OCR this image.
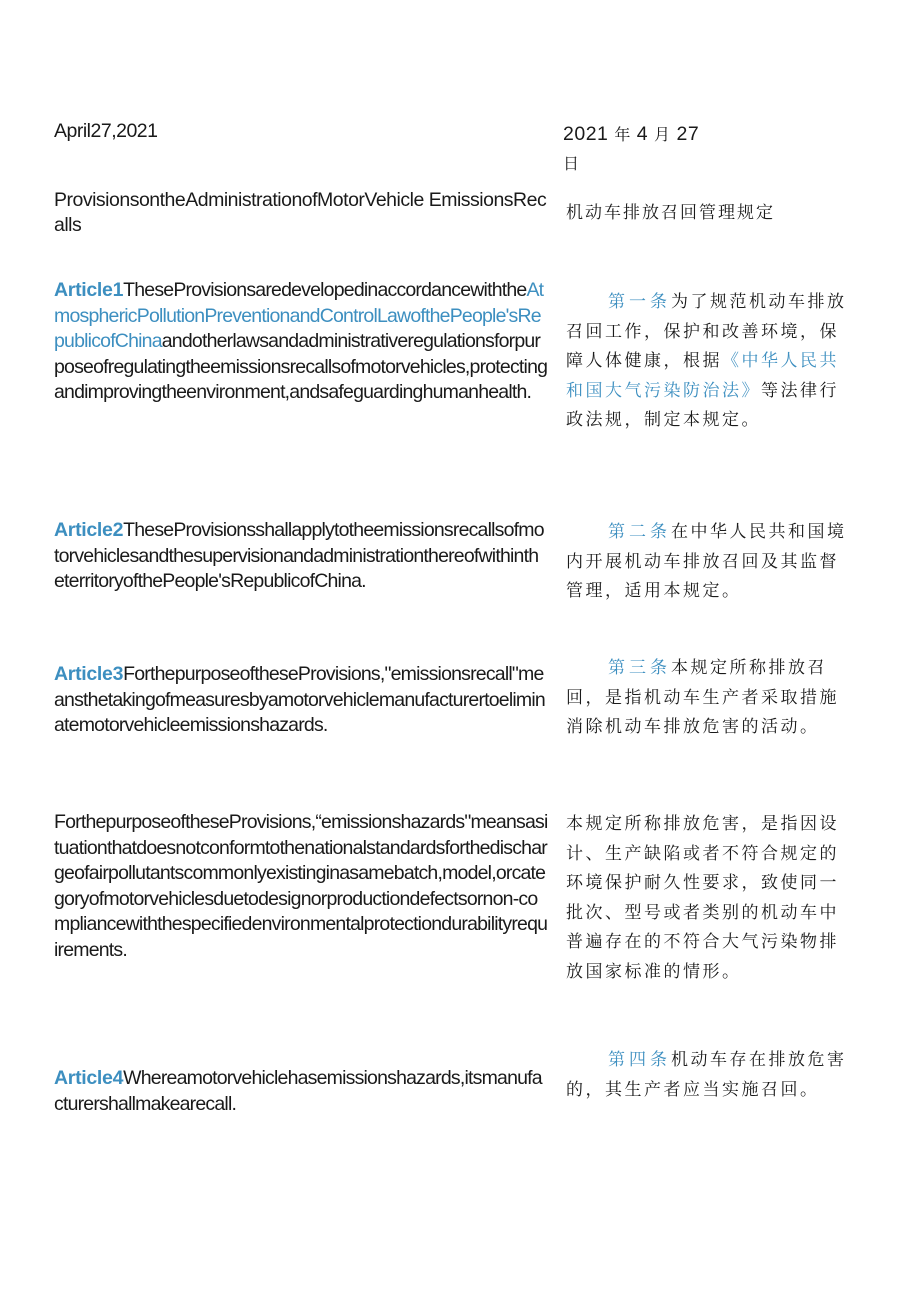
April27,2021	2021 年 4 月 27
日
ProvisionsontheAdministrationofMotorVehicle EmissionsRecalls
机动车排放召回管理规定
Article1TheseProvisionsaredevelopedinaccordancewiththeAtmosphericPollutionPreventionandControlLawofthePeople'sRepublicofChinaandotherlawsandadministrativeregulationsforpurposeofregulatingtheemissionsrecallsofmotorvehicles,protectingandimprovingtheenvironment,andsafeguardinghumanhealth.
第一条为了规范机动车排放召回工作，保护和改善环境，保障人体健康，根据《中华人民共和国大气污染防治法》等法律行政法规，制定本规定。
Article2TheseProvisionsshallapplytotheemissionsrecallsofmotorvehiclesandthesupervisionandadministrationthereofwithintheterritoryofthePeople'sRepublicofChina.
第二条在中华人民共和国境内开展机动车排放召回及其监督管理，适用本规定。
Article3ForthepurposeoftheseProvisions,"emissionsrecall"meansthetakingofmeasuresbyamotorvehiclemanufacturertoeliminatemotorvehicleemissionshazards.
第三条本规定所称排放召回，是指机动车生产者采取措施消除机动车排放危害的活动。
ForthepurposeoftheseProvisions,“emissionshazards"meansasituationthatdoesnotconformtothenationalstandardsforthedischargeofairpollutantscommonlyexistinginasamebatch,model,orcategoryofmotorvehiclesduetodesignorproductiondefectsornon-compliancewiththespecifiedenvironmentalprotectiondurabilityrequirements.
本规定所称排放危害，是指因设计、生产缺陷或者不符合规定的环境保护耐久性要求，致使同一批次、型号或者类别的机动车中普遍存在的不符合大气污染物排放国家标准的情形。
Article4Whereamotorvehiclehasemissionshazards,itsmanufacturershallmakearecall.
第四条机动车存在排放危害的，其生产者应当实施召回。
